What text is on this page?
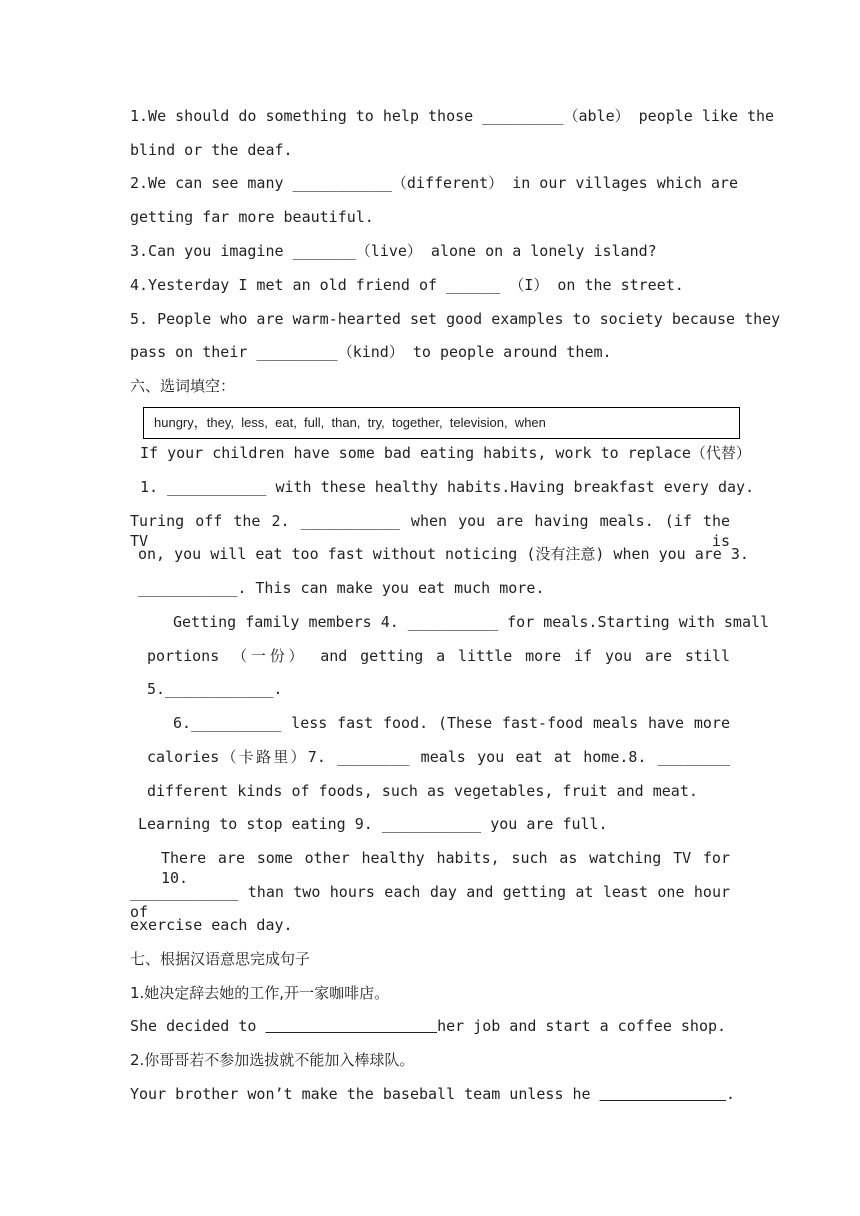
1.We should do something to help those _________（able） people like the
blind or the deaf.
2.We can see many ___________（different） in our villages which are
getting far more beautiful.
3.Can you imagine _______（live） alone on a lonely island?
4.Yesterday I met an old friend of ______ （I） on the street.
5. People who are warm-hearted set good examples to society because they
pass on their _________（kind） to people around them.
六、选词填空：
hungry，they,  less,  eat,  full,  than,  try,  together,  television,  when
If your children have some bad eating habits, work to replace（代替）
1. ___________ with these healthy habits.Having breakfast every day.
Turing off the 2. ___________ when you are having meals. (if the TV is
on, you will eat too fast without noticing (没有注意) when you are 3.
___________. This can make you eat much more.
Getting family members 4. __________ for meals.Starting with small
portions （一份） and getting a little more if you are still
5.____________.
6.__________ less fast food. (These fast-food meals have more
calories（卡路里）7. ________ meals you eat at home.8. ________
different kinds of foods, such as vegetables, fruit and meat.
Learning to stop eating 9. ___________ you are full.
There are some other healthy habits, such as watching TV for 10.
____________ than two hours each day and getting at least one hour of
exercise each day.
七、根据汉语意思完成句子
1.她决定辞去她的工作,开一家咖啡店。
She decided to	her job and start a coffee shop.
2.你哥哥若不参加选拔就不能加入棒球队。
Your brother won’t make the baseball team unless he	.
